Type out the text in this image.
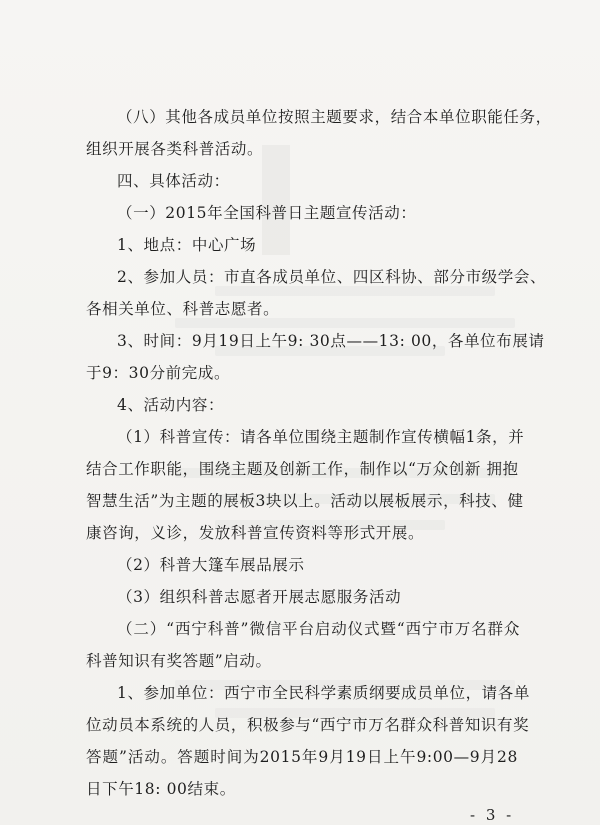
（八）其他各成员单位按照主题要求，结合本单位职能任务，
组织开展各类科普活动。
四、具体活动：
（一）2015年全国科普日主题宣传活动：
1、地点：中心广场
2、参加人员：市直各成员单位、四区科协、部分市级学会、
各相关单位、科普志愿者。
3、时间：9月19日上午9: 30点——13: 00，各单位布展请
于9：30分前完成。
4、活动内容：
（1）科普宣传：请各单位围绕主题制作宣传横幅1条，并
结合工作职能，围绕主题及创新工作，制作以“万众创新 拥抱
智慧生活”为主题的展板3块以上。活动以展板展示，科技、健
康咨询，义诊，发放科普宣传资料等形式开展。
（2）科普大篷车展品展示
（3）组织科普志愿者开展志愿服务活动
（二）“西宁科普”微信平台启动仪式暨“西宁市万名群众
科普知识有奖答题”启动。
1、参加单位：西宁市全民科学素质纲要成员单位，请各单
位动员本系统的人员，积极参与“西宁市万名群众科普知识有奖
答题”活动。答题时间为2015年9月19日上午9:00—9月28
日下午18: 00结束。
- 3 -
